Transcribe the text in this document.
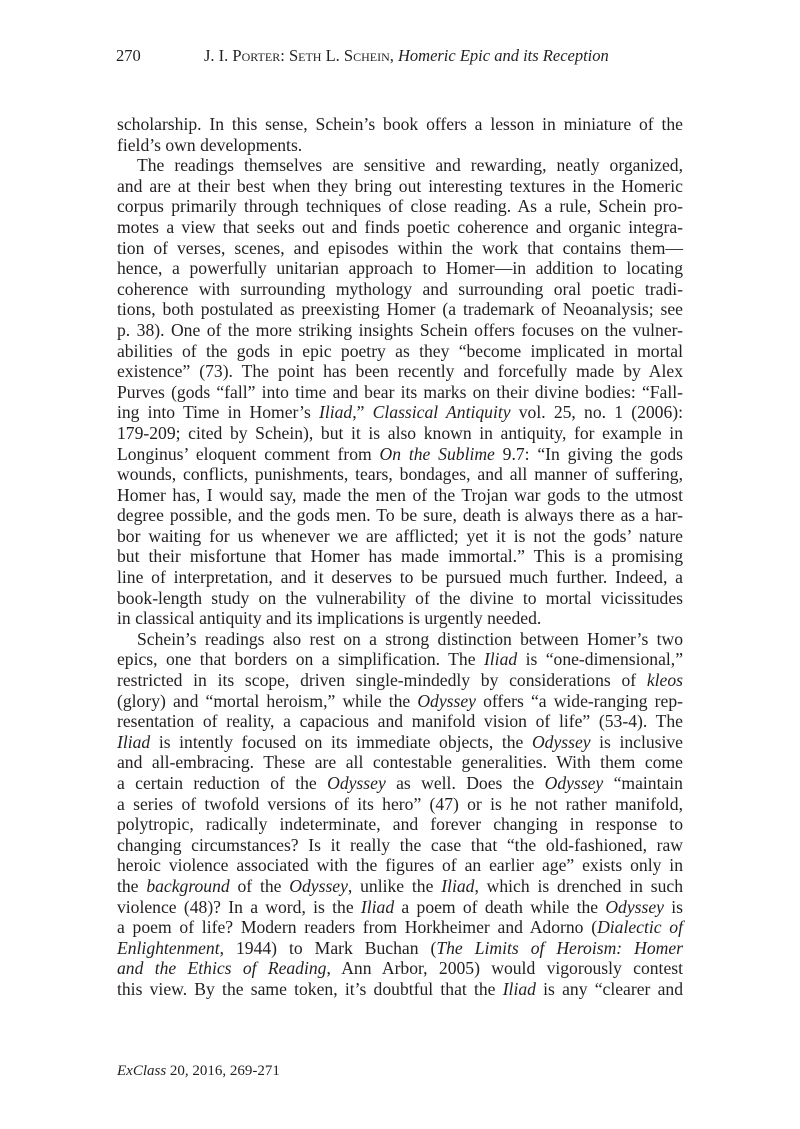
270	J. I. Porter: Seth L. Schein, Homeric Epic and its Reception
scholarship. In this sense, Schein’s book offers a lesson in miniature of the
field’s own developments.
The readings themselves are sensitive and rewarding, neatly organized,
and are at their best when they bring out interesting textures in the Homeric
corpus primarily through techniques of close reading. As a rule, Schein pro-
motes a view that seeks out and finds poetic coherence and organic integra-
tion of verses, scenes, and episodes within the work that contains them—
hence, a powerfully unitarian approach to Homer—in addition to locating
coherence with surrounding mythology and surrounding oral poetic tradi-
tions, both postulated as preexisting Homer (a trademark of Neoanalysis; see
p. 38). One of the more striking insights Schein offers focuses on the vulner-
abilities of the gods in epic poetry as they “become implicated in mortal
existence” (73). The point has been recently and forcefully made by Alex
Purves (gods “fall” into time and bear its marks on their divine bodies: “Fall-
ing into Time in Homer’s Iliad,” Classical Antiquity vol. 25, no. 1 (2006):
179-209; cited by Schein), but it is also known in antiquity, for example in
Longinus’ eloquent comment from On the Sublime 9.7: “In giving the gods
wounds, conflicts, punishments, tears, bondages, and all manner of suffering,
Homer has, I would say, made the men of the Trojan war gods to the utmost
degree possible, and the gods men. To be sure, death is always there as a har-
bor waiting for us whenever we are afflicted; yet it is not the gods’ nature
but their misfortune that Homer has made immortal.” This is a promising
line of interpretation, and it deserves to be pursued much further. Indeed, a
book-length study on the vulnerability of the divine to mortal vicissitudes
in classical antiquity and its implications is urgently needed.
Schein’s readings also rest on a strong distinction between Homer’s two
epics, one that borders on a simplification. The Iliad is “one-dimensional,”
restricted in its scope, driven single-mindedly by considerations of kleos
(glory) and “mortal heroism,” while the Odyssey offers “a wide-ranging rep-
resentation of reality, a capacious and manifold vision of life” (53-4). The
Iliad is intently focused on its immediate objects, the Odyssey is inclusive
and all-embracing. These are all contestable generalities. With them come
a certain reduction of the Odyssey as well. Does the Odyssey “maintain
a series of twofold versions of its hero” (47) or is he not rather manifold,
polytropic, radically indeterminate, and forever changing in response to
changing circumstances? Is it really the case that “the old-fashioned, raw
heroic violence associated with the figures of an earlier age” exists only in
the background of the Odyssey, unlike the Iliad, which is drenched in such
violence (48)? In a word, is the Iliad a poem of death while the Odyssey is
a poem of life? Modern readers from Horkheimer and Adorno (Dialectic of
Enlightenment, 1944) to Mark Buchan (The Limits of Heroism: Homer
and the Ethics of Reading, Ann Arbor, 2005) would vigorously contest
this view. By the same token, it’s doubtful that the Iliad is any “clearer and
ExClass 20, 2016, 269-271
